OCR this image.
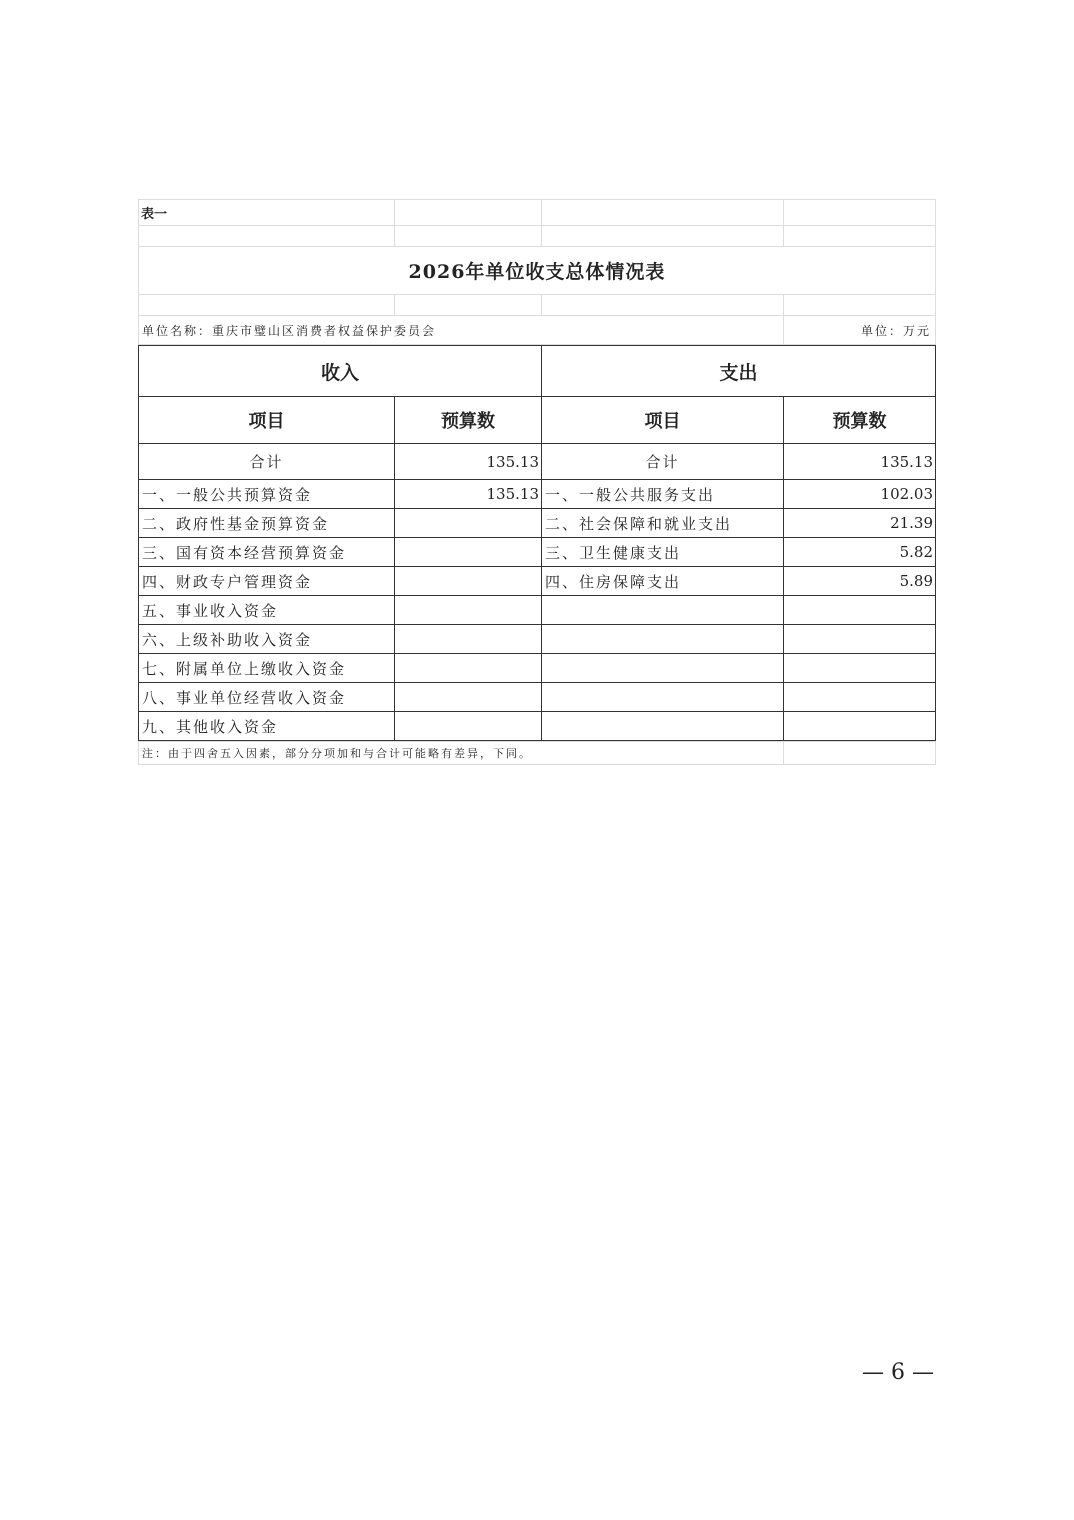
表一			

2026年单位收支总体情况表			

单位名称：重庆市璧山区消费者权益保护委员会			单位：万元
收入		支出	
项目	预算数	项目	预算数
合计	135.13	合计	135.13
一、一般公共预算资金	135.13	一、一般公共服务支出	102.03
二、政府性基金预算资金		二、社会保障和就业支出	21.39
三、国有资本经营预算资金		三、卫生健康支出	5.82
四、财政专户管理资金		四、住房保障支出	5.89
五、事业收入资金			
六、上级补助收入资金			
七、附属单位上缴收入资金			
八、事业单位经营收入资金			
九、其他收入资金			
注：由于四舍五入因素，部分分项加和与合计可能略有差异，下同。	
— 6 —
